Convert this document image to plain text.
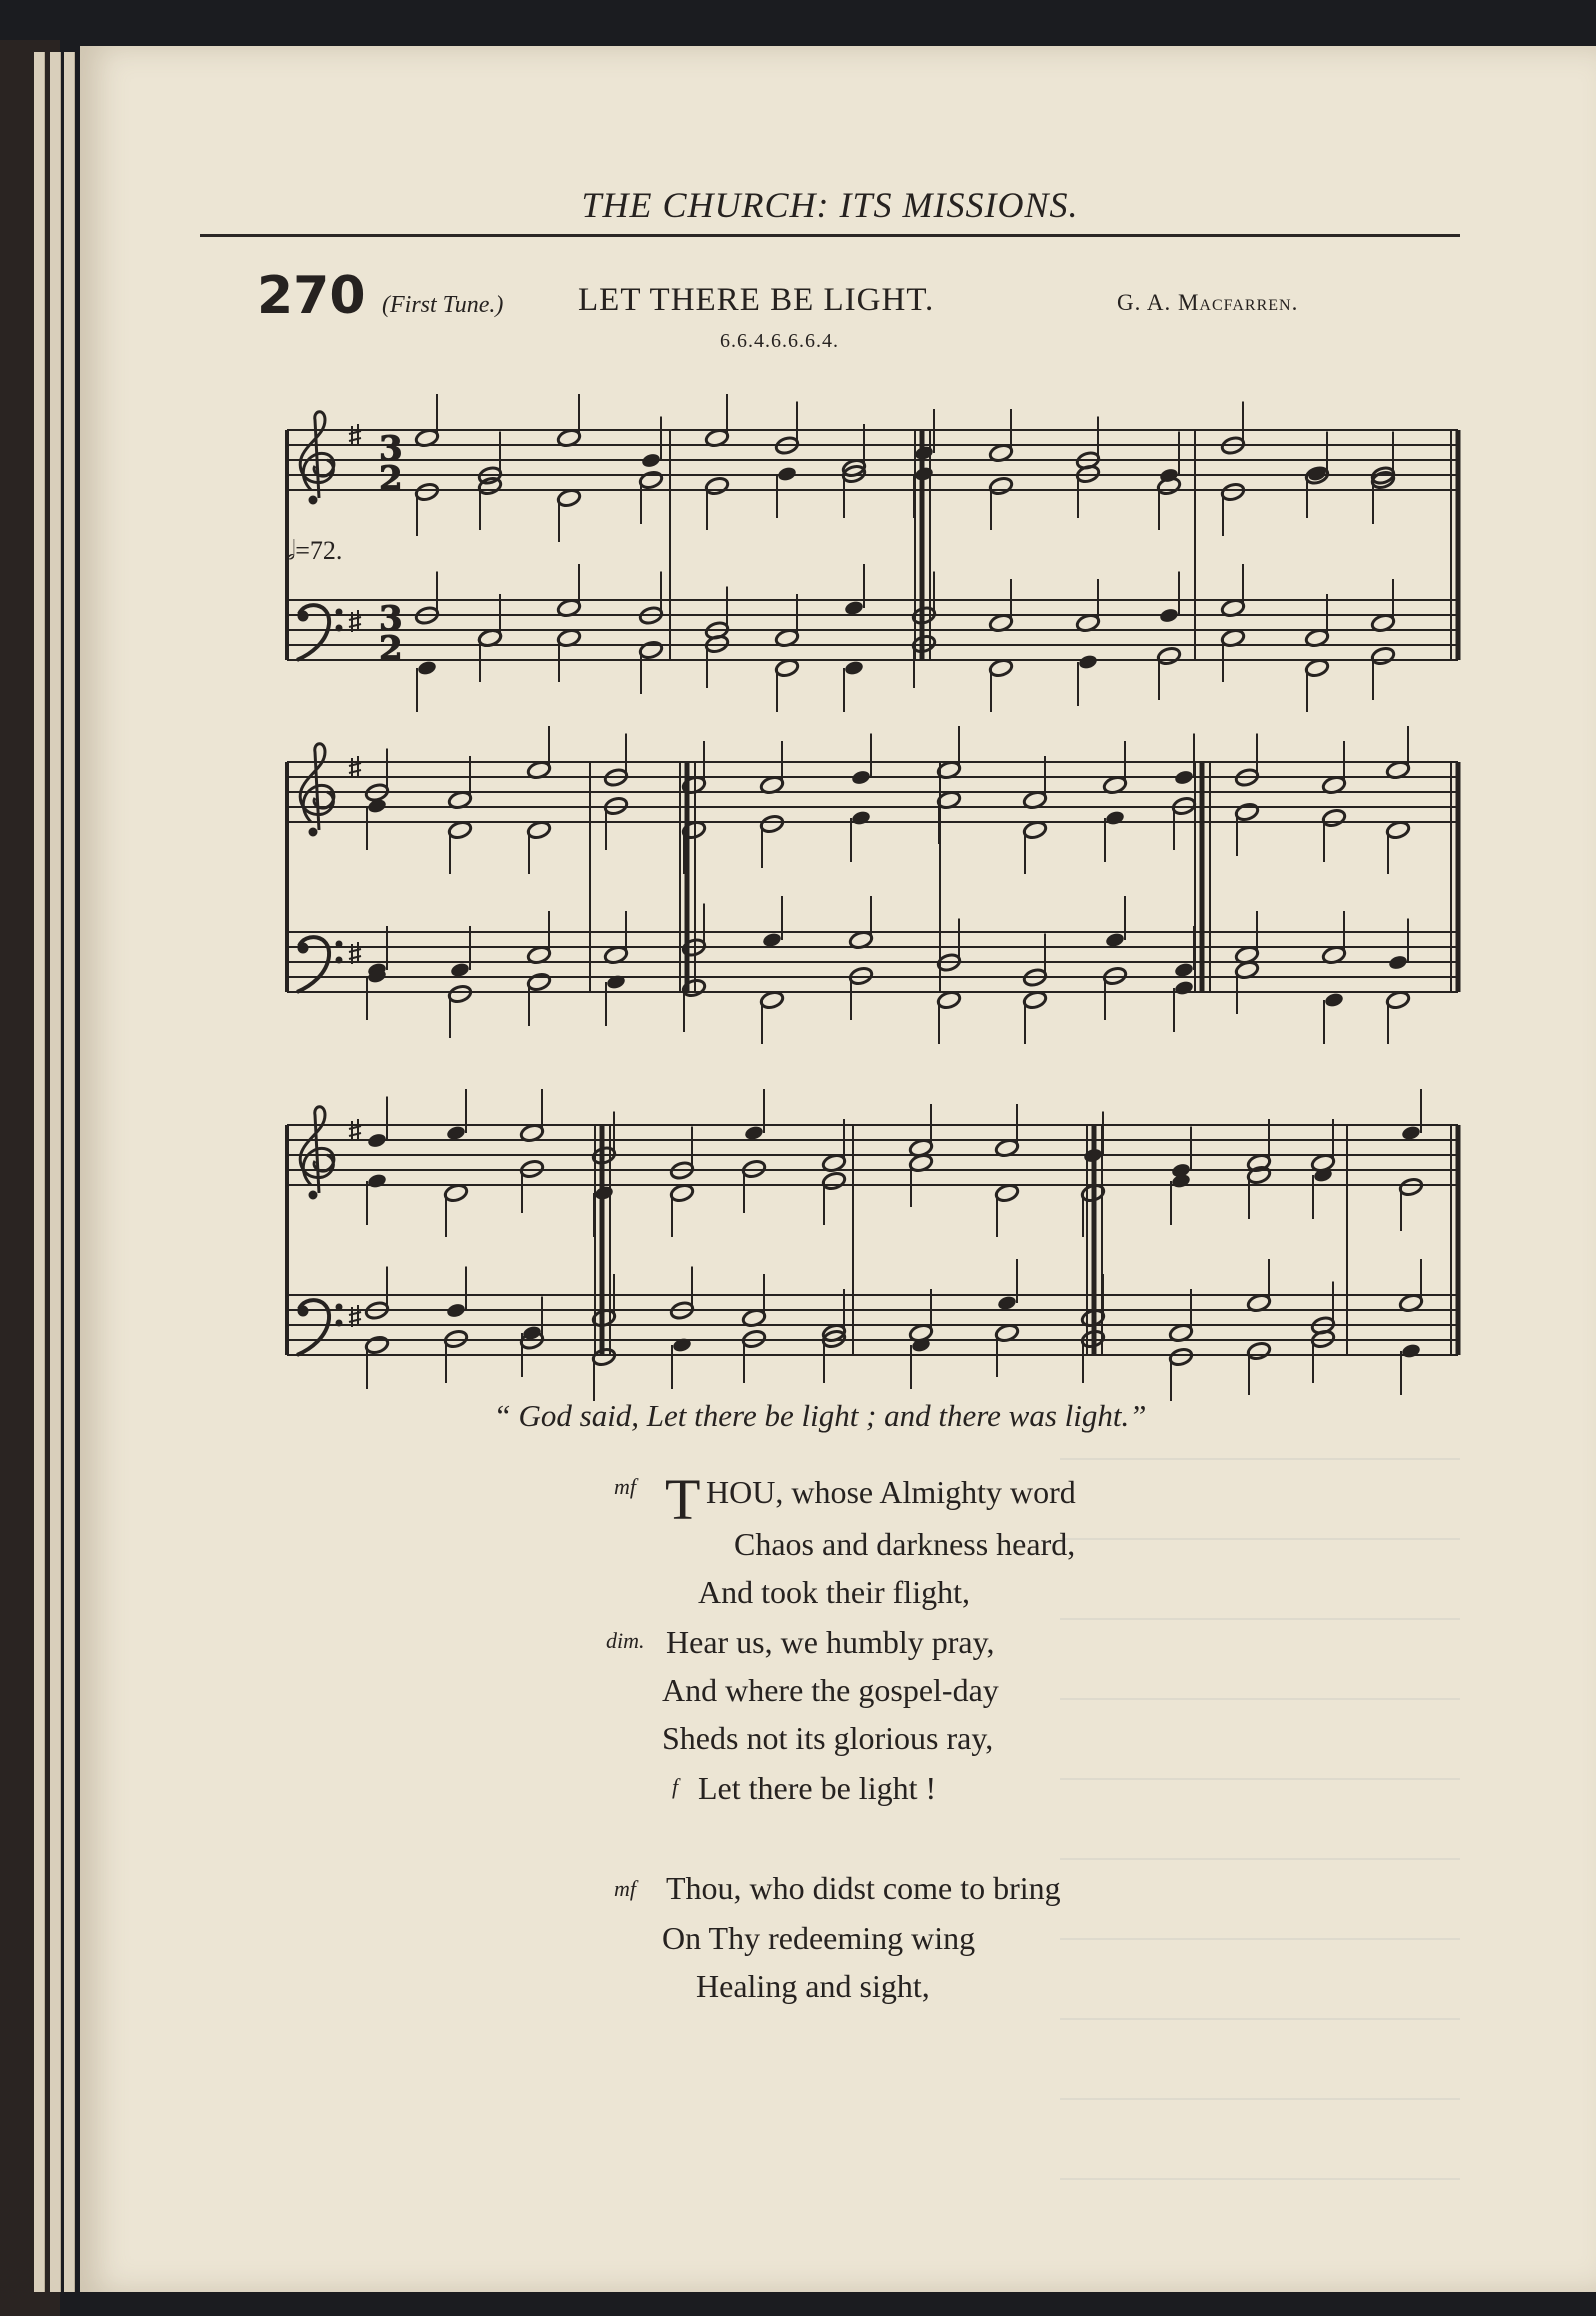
THE CHURCH: ITS MISSIONS.
270 (First Tune.) LET THERE BE LIGHT.	G. A. Macfarren.
6.6.4.6.6.6.4.
3
2
3
2
𝅗𝅥=72.
“ God said, Let there be light ; and there was light.”
mf T HOU, whose Almighty word
Chaos and darkness heard,
And took their flight,
dim. Hear us, we humbly pray,
And where the gospel-day
Sheds not its glorious ray,
f Let there be light !
mf Thou, who didst come to bring
On Thy redeeming wing
Healing and sight,
